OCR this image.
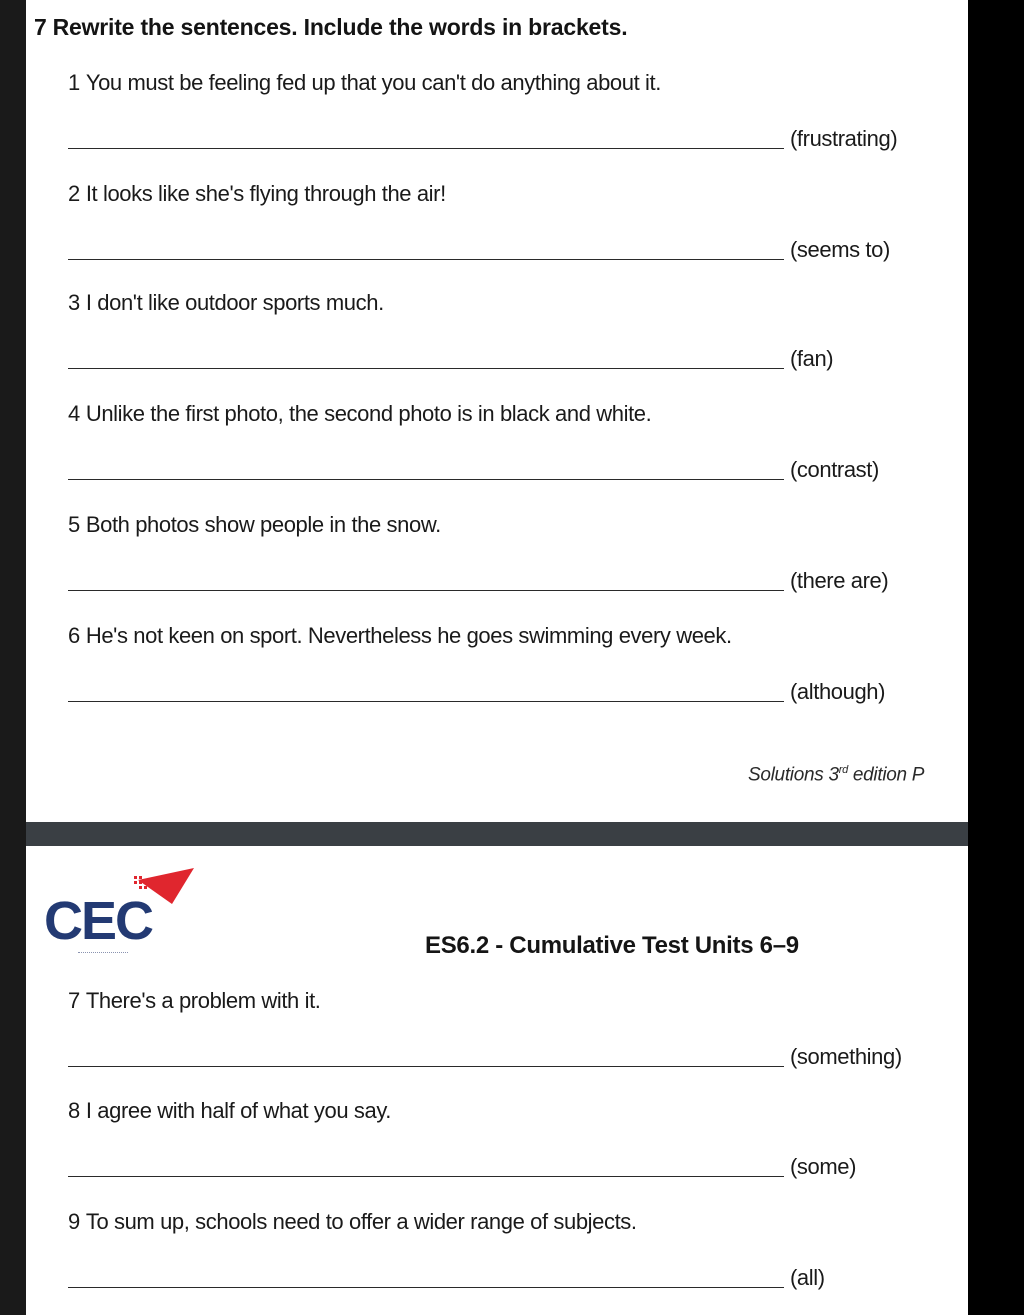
7 Rewrite the sentences. Include the words in brackets.
1 You must be feeling fed up that you can't do anything about it.
(frustrating)
2 It looks like she's flying through the air!
(seems to)
3 I don't like outdoor sports much.
(fan)
4 Unlike the first photo, the second photo is in black and white.
(contrast)
5 Both photos show people in the snow.
(there are)
6 He's not keen on sport. Nevertheless he goes swimming every week.
(although)
Solutions 3rd edition P
CEC	ES6.2 - Cumulative Test Units 6–9
7 There's a problem with it.
(something)
8 I agree with half of what you say.
(some)
9 To sum up, schools need to offer a wider range of subjects.
(all)
